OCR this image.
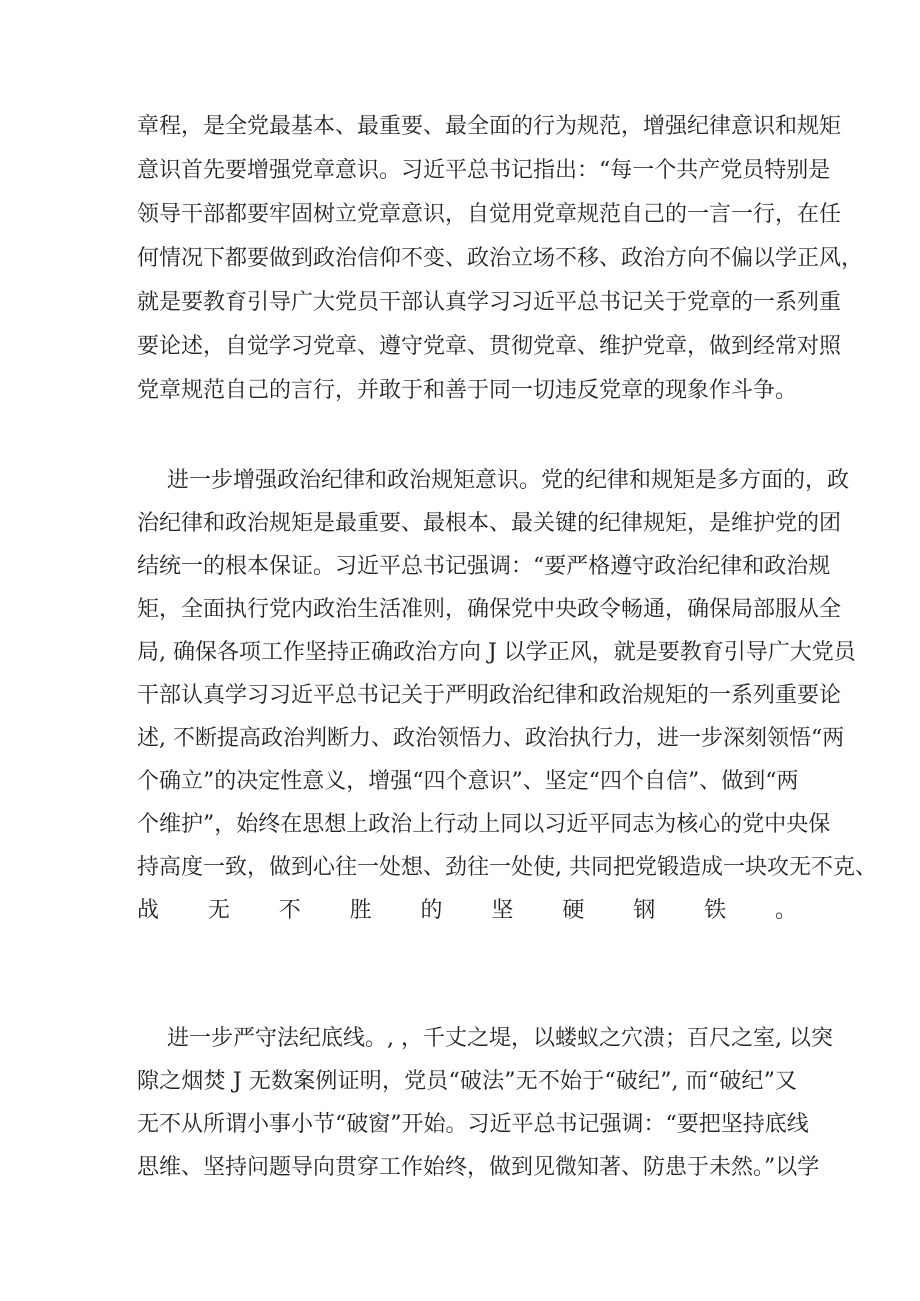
章程，是全党最基本、最重要、最全面的行为规范，增强纪律意识和规矩
意识首先要增强党章意识。习近平总书记指出：“每一个共产党员特别是
领导干部都要牢固树立党章意识，自觉用党章规范自己的一言一行，在任
何情况下都要做到政治信仰不变、政治立场不移、政治方向不偏以学正风，
就是要教育引导广大党员干部认真学习习近平总书记关于党章的一系列重
要论述，自觉学习党章、遵守党章、贯彻党章、维护党章，做到经常对照
党章规范自己的言行，并敢于和善于同一切违反党章的现象作斗争。
进一步增强政治纪律和政治规矩意识。党的纪律和规矩是多方面的，政
治纪律和政治规矩是最重要、最根本、最关键的纪律规矩，是维护党的团
结统一的根本保证。习近平总书记强调：“要严格遵守政治纪律和政治规
矩，全面执行党内政治生活准则，确保党中央政令畅通，确保局部服从全
局, 确保各项工作坚持正确政治方向 J 以学正风，就是要教育引导广大党员
干部认真学习习近平总书记关于严明政治纪律和政治规矩的一系列重要论
述, 不断提高政治判断力、政治领悟力、政治执行力，进一步深刻领悟“两
个确立”的决定性意义，增强“四个意识”、坚定“四个自信”、做到“两
个维护”，始终在思想上政治上行动上同以习近平同志为核心的党中央保
持高度一致，做到心往一处想、劲往一处使, 共同把党锻造成一块攻无不克、
战无不胜的坚硬钢铁。
进一步严守法纪底线。, ，千丈之堤，以蝼蚁之穴溃；百尺之室, 以突
隙之烟焚 J 无数案例证明，党员“破法”无不始于“破纪”, 而“破纪”又
无不从所谓小事小节“破窗”开始。习近平总书记强调：“要把坚持底线
思维、坚持问题导向贯穿工作始终，做到见微知著、防患于未然。”以学
